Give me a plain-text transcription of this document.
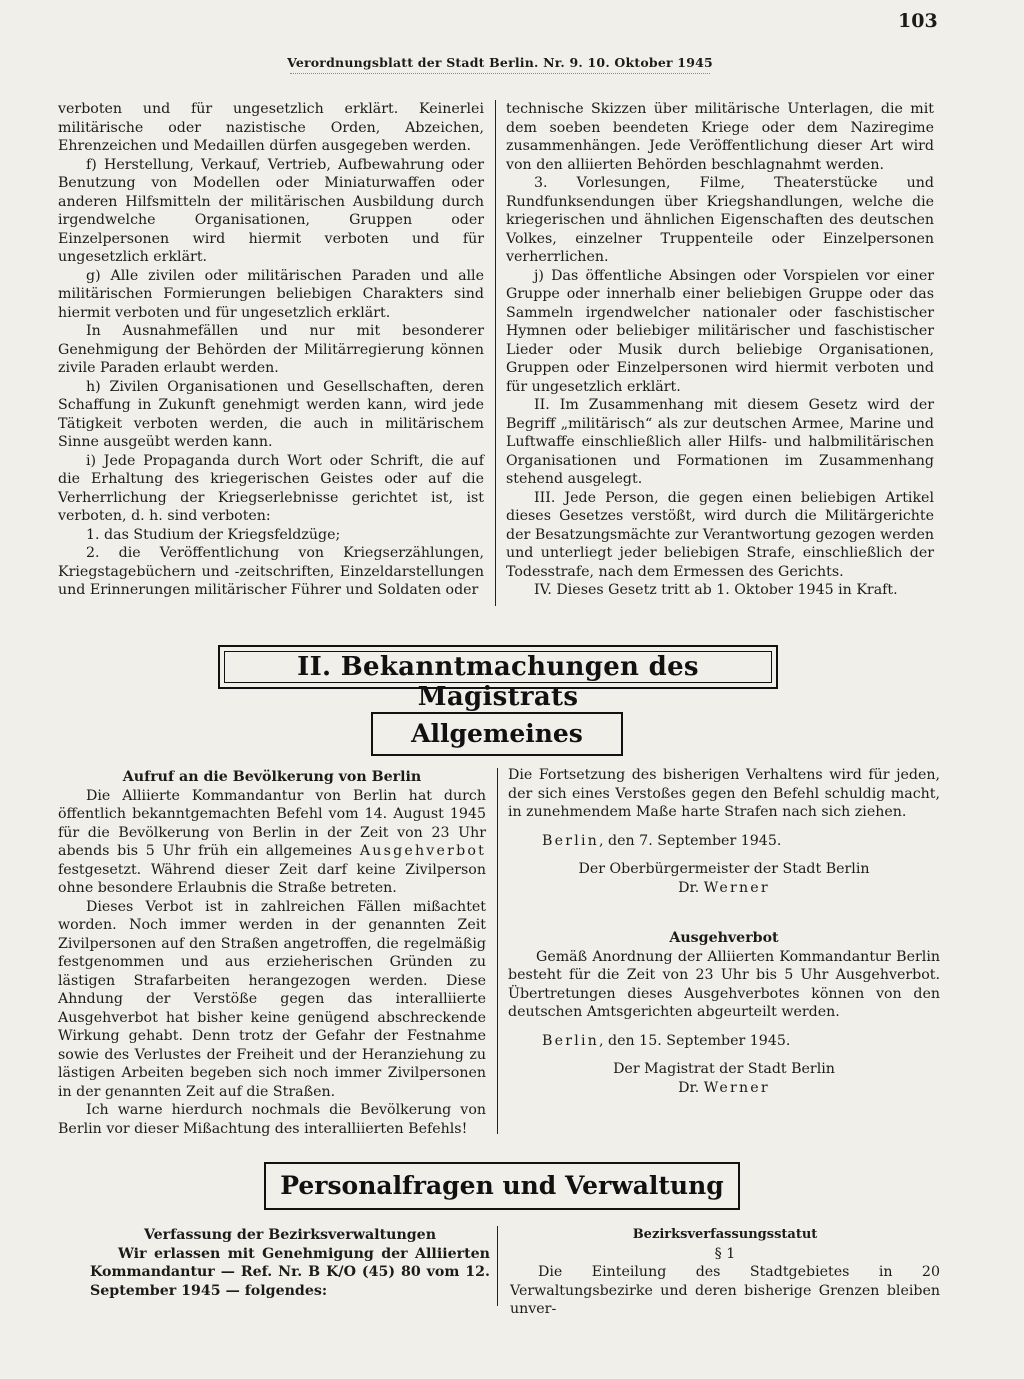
103
Verordnungsblatt der Stadt Berlin. Nr. 9. 10. Oktober 1945

verboten und für ungesetzlich erklärt. Keinerlei militärische oder nazistische Orden, Abzeichen, Ehrenzeichen und Medaillen dürfen ausgegeben werden.

f) Herstellung, Verkauf, Vertrieb, Aufbewahrung oder Benutzung von Modellen oder Miniaturwaffen oder anderen Hilfsmitteln der militärischen Ausbildung durch irgendwelche Organisationen, Gruppen oder Einzelpersonen wird hiermit verboten und für ungesetzlich erklärt.

g) Alle zivilen oder militärischen Paraden und alle militärischen Formierungen beliebigen Charakters sind hiermit verboten und für ungesetzlich erklärt.

In Ausnahmefällen und nur mit besonderer Genehmigung der Behörden der Militärregierung können zivile Paraden erlaubt werden.

h) Zivilen Organisationen und Gesellschaften, deren Schaffung in Zukunft genehmigt werden kann, wird jede Tätigkeit verboten werden, die auch in militärischem Sinne ausgeübt werden kann.

i) Jede Propaganda durch Wort oder Schrift, die auf die Erhaltung des kriegerischen Geistes oder auf die Verherrlichung der Kriegserlebnisse gerichtet ist, ist verboten, d. h. sind verboten:

1. das Studium der Kriegsfeldzüge;

2. die Veröffentlichung von Kriegserzählungen, Kriegstagebüchern und -zeitschriften, Einzeldarstellungen und Erinnerungen militärischer Führer und Soldaten oder

technische Skizzen über militärische Unterlagen, die mit dem soeben beendeten Kriege oder dem Naziregime zusammenhängen. Jede Veröffentlichung dieser Art wird von den alliierten Behörden beschlagnahmt werden.

3. Vorlesungen, Filme, Theaterstücke und Rundfunksendungen über Kriegshandlungen, welche die kriegerischen und ähnlichen Eigenschaften des deutschen Volkes, einzelner Truppenteile oder Einzelpersonen verherrlichen.

j) Das öffentliche Absingen oder Vorspielen vor einer Gruppe oder innerhalb einer beliebigen Gruppe oder das Sammeln irgendwelcher nationaler oder faschistischer Hymnen oder beliebiger militärischer und faschistischer Lieder oder Musik durch beliebige Organisationen, Gruppen oder Einzelpersonen wird hiermit verboten und für ungesetzlich erklärt.

II. Im Zusammenhang mit diesem Gesetz wird der Begriff „militärisch“ als zur deutschen Armee, Marine und Luftwaffe einschließlich aller Hilfs- und halbmilitärischen Organisationen und Formationen im Zusammenhang stehend ausgelegt.

III. Jede Person, die gegen einen beliebigen Artikel dieses Gesetzes verstößt, wird durch die Militärgerichte der Besatzungsmächte zur Verantwortung gezogen werden und unterliegt jeder beliebigen Strafe, einschließlich der Todesstrafe, nach dem Ermessen des Gerichts.

IV. Dieses Gesetz tritt ab 1. Oktober 1945 in Kraft.

II. Bekanntmachungen des Magistrats
Allgemeines

Aufruf an die Bevölkerung von Berlin

Die Alliierte Kommandantur von Berlin hat durch öffentlich bekanntgemachten Befehl vom 14. August 1945 für die Bevölkerung von Berlin in der Zeit von 23 Uhr abends bis 5 Uhr früh ein allgemeines Ausgehverbot festgesetzt. Während dieser Zeit darf keine Zivilperson ohne besondere Erlaubnis die Straße betreten.

Dieses Verbot ist in zahlreichen Fällen mißachtet worden. Noch immer werden in der genannten Zeit Zivilpersonen auf den Straßen angetroffen, die regelmäßig festgenommen und aus erzieherischen Gründen zu lästigen Strafarbeiten herangezogen werden. Diese Ahndung der Verstöße gegen das interalliierte Ausgehverbot hat bisher keine genügend abschreckende Wirkung gehabt. Denn trotz der Gefahr der Festnahme sowie des Verlustes der Freiheit und der Heranziehung zu lästigen Arbeiten begeben sich noch immer Zivilpersonen in der genannten Zeit auf die Straßen.

Ich warne hierdurch nochmals die Bevölkerung von Berlin vor dieser Mißachtung des interalliierten Befehls!

Die Fortsetzung des bisherigen Verhaltens wird für jeden, der sich eines Verstoßes gegen den Befehl schuldig macht, in zunehmendem Maße harte Strafen nach sich ziehen.

Berlin, den 7. September 1945.

Der Oberbürgermeister der Stadt Berlin

Dr. Werner

Ausgehverbot

Gemäß Anordnung der Alliierten Kommandantur Berlin besteht für die Zeit von 23 Uhr bis 5 Uhr Ausgehverbot. Übertretungen dieses Ausgehverbotes können von den deutschen Amtsgerichten abgeurteilt werden.

Berlin, den 15. September 1945.

Der Magistrat der Stadt Berlin

Dr. Werner

Personalfragen und Verwaltung

Verfassung der Bezirksverwaltungen

Wir erlassen mit Genehmigung der Alliierten Kommandantur — Ref. Nr. B K/O (45) 80 vom 12. September 1945 — folgendes:

Bezirksverfassungsstatut

§ 1

Die Einteilung des Stadtgebietes in 20 Verwaltungsbezirke und deren bisherige Grenzen bleiben unver-
